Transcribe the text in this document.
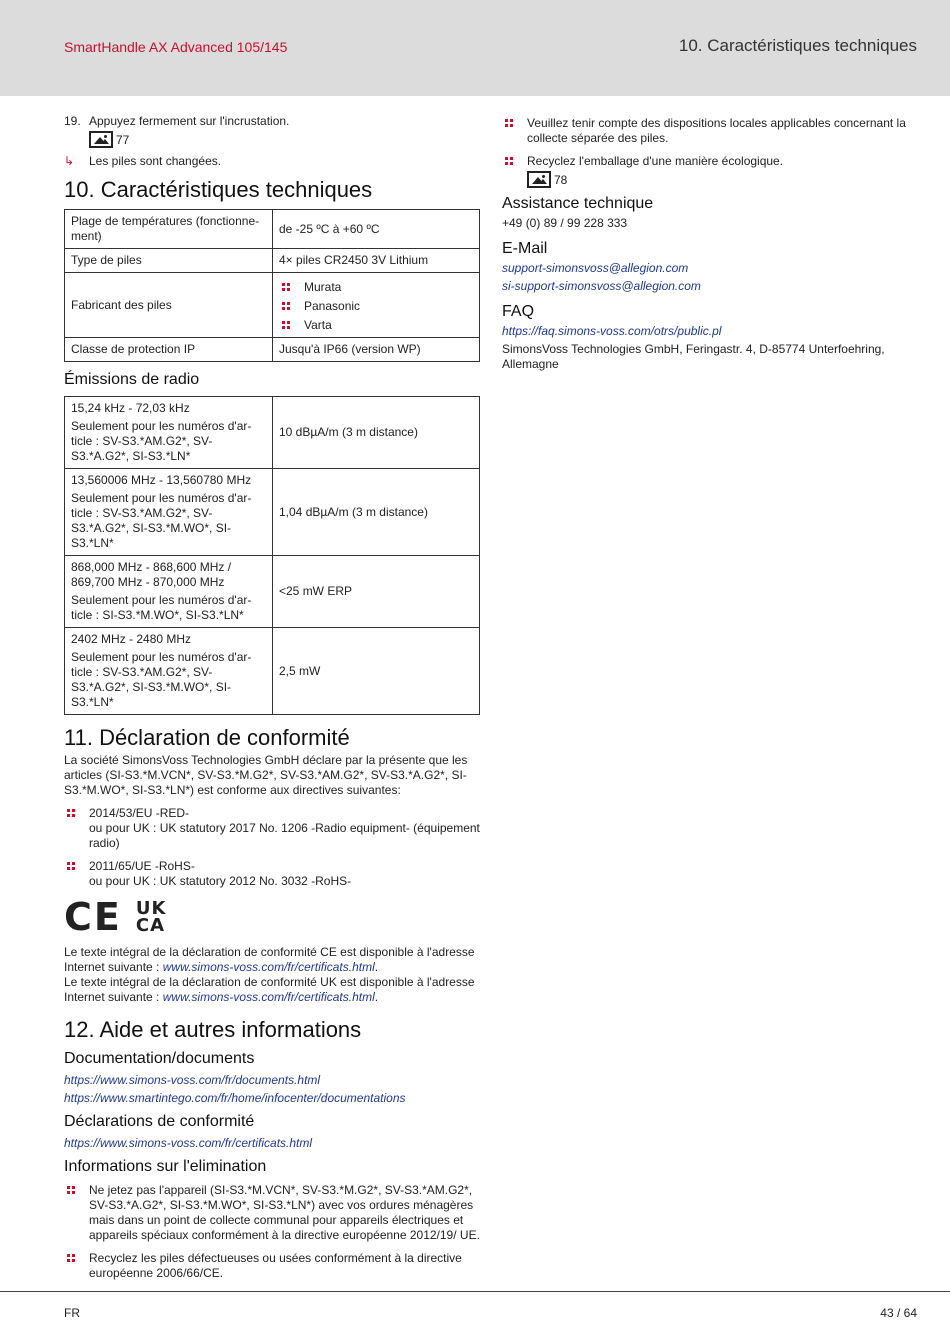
SmartHandle AX Advanced 105/145	10. Caractéristiques techniques
19. Appuyez fermement sur l'incrustation.
77
↳	Les piles sont changées.
10. Caractéristiques techniques
Plage de températures (fonctionne-ment)	de -25 ºC à +60 ºC
Type de piles	4× piles CR2450 3V Lithium
Fabricant des piles	Murata
Panasonic
Varta

Classe de protection IP	Jusqu'à IP66 (version WP)
Émissions de radio
15,24 kHz - 72,03 kHz
Seulement pour les numéros d'ar-ticle : SV-S3.*AM.G2*, SV-S3.*A.G2*, SI-S3.*LN*	10 dBµA/m (3 m distance)

13,560006 MHz - 13,560780 MHz
Seulement pour les numéros d'ar-ticle : SV-S3.*AM.G2*, SV-S3.*A.G2*, SI-S3.*M.WO*, SI-S3.*LN*	1,04 dBµA/m (3 m distance)

868,000 MHz - 868,600 MHz / 869,700 MHz - 870,000 MHz
Seulement pour les numéros d'ar-ticle : SI-S3.*M.WO*, SI-S3.*LN*	<25 mW ERP

2402 MHz - 2480 MHz
Seulement pour les numéros d'ar-ticle : SV-S3.*AM.G2*, SV-S3.*A.G2*, SI-S3.*M.WO*, SI-S3.*LN*	2,5 mW
11. Déclaration de conformité

La société SimonsVoss Technologies GmbH déclare par la présente que les articles (SI-S3.*M.VCN*, SV-S3.*M.G2*, SV-S3.*AM.G2*, SV-S3.*A.G2*, SI-S3.*M.WO*, SI-S3.*LN*) est conforme aux directives suivantes:

2014/53/EU -RED-
ou pour UK : UK statutory 2017 No. 1206 -Radio equipment- (équipement radio)
2011/65/UE -RoHS-
ou pour UK : UK statutory 2012 No. 3032 -RoHS-
CE UK
CA

Le texte intégral de la déclaration de conformité CE est disponible à l'adresse Internet suivante : www.simons-voss.com/fr/certificats.html.

Le texte intégral de la déclaration de conformité UK est disponible à l'adresse Internet suivante : www.simons-voss.com/fr/certificats.html.

12. Aide et autres informations
Documentation/documents

https://www.simons-voss.com/fr/documents.html

https://www.smartintego.com/fr/home/infocenter/documentations

Déclarations de conformité

https://www.simons-voss.com/fr/certificats.html

Informations sur l'elimination
Ne jetez pas l'appareil (SI-S3.*M.VCN*, SV-S3.*M.G2*, SV-S3.*AM.G2*, SV-S3.*A.G2*, SI-S3.*M.WO*, SI-S3.*LN*) avec vos ordures ménagères mais dans un point de collecte communal pour appareils électriques et appareils spéciaux conformément à la directive européenne 2012/19/ UE.
Recyclez les piles défectueuses ou usées conformément à la directive européenne 2006/66/CE.
Veuillez tenir compte des dispositions locales applicables concernant la collecte séparée des piles.
Recyclez l'emballage d'une manière écologique.
78
Assistance technique

+49 (0) 89 / 99 228 333

E-Mail

support-simonsvoss@allegion.com

si-support-simonsvoss@allegion.com

FAQ

https://faq.simons-voss.com/otrs/public.pl

SimonsVoss Technologies GmbH, Feringastr. 4, D-85774 Unterfoehring, Allemagne

FR	43 / 64
